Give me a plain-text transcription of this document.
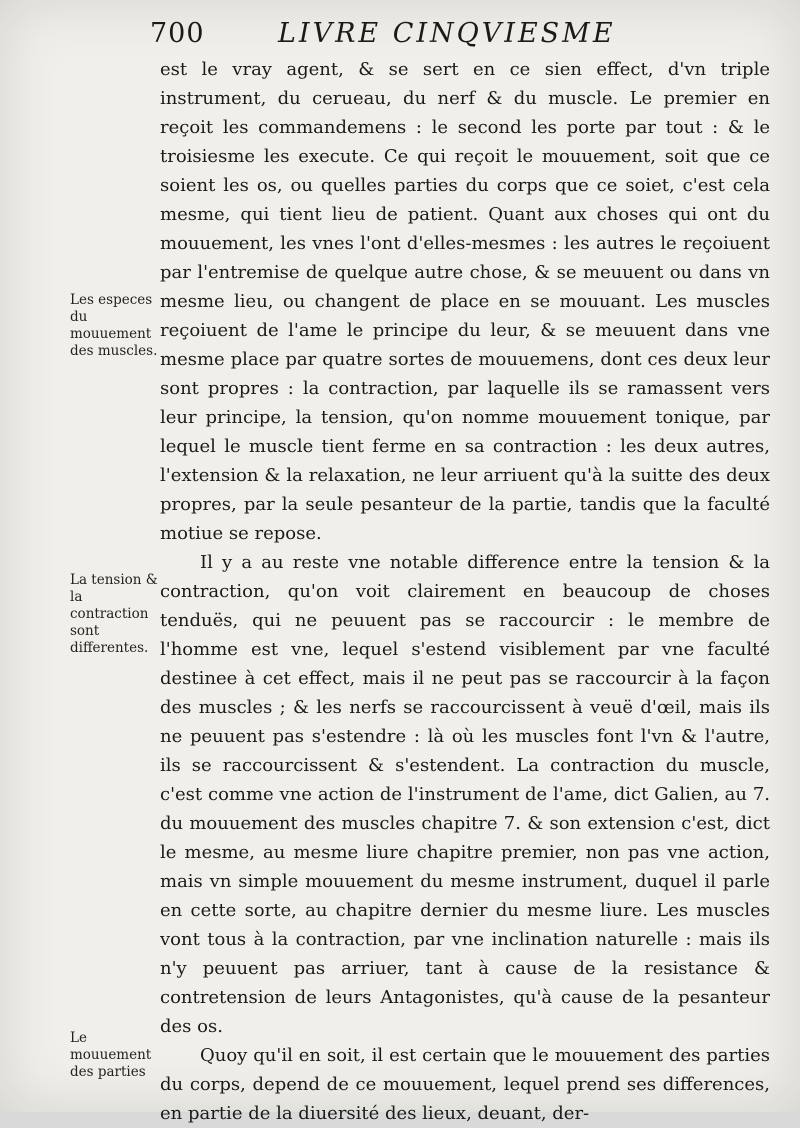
700	LIVRE CINQVIESME
Les especes du mouuement des muscles.
La tension & la contraction sont differentes.
Le mouuement des parties

est le vray agent, & se sert en ce sien effect, d'vn triple instrument, du cerueau, du nerf & du muscle. Le premier en reçoit les commandemens : le second les porte par tout : & le troisiesme les execute. Ce qui reçoit le mouuement, soit que ce soient les os, ou quelles parties du corps que ce soiet, c'est cela mesme, qui tient lieu de patient. Quant aux choses qui ont du mouuement, les vnes l'ont d'elles-mesmes : les autres le reçoiuent par l'entremise de quelque autre chose, & se meuuent ou dans vn mesme lieu, ou changent de place en se mouuant. Les muscles reçoiuent de l'ame le principe du leur, & se meuuent dans vne mesme place par quatre sortes de mouuemens, dont ces deux leur sont propres : la contraction, par laquelle ils se ramassent vers leur principe, la tension, qu'on nomme mouuement tonique, par lequel le muscle tient ferme en sa contraction : les deux autres, l'extension & la relaxation, ne leur arriuent qu'à la suitte des deux propres, par la seule pesanteur de la partie, tandis que la faculté motiue se repose.

Il y a au reste vne notable difference entre la tension & la contraction, qu'on voit clairement en beaucoup de choses tenduës, qui ne peuuent pas se raccourcir : le membre de l'homme est vne, lequel s'estend visiblement par vne faculté destinee à cet effect, mais il ne peut pas se raccourcir à la façon des muscles ; & les nerfs se raccourcissent à veuë d'œil, mais ils ne peuuent pas s'estendre : là où les muscles font l'vn & l'autre, ils se raccourcissent & s'estendent. La contraction du muscle, c'est comme vne action de l'instrument de l'ame, dict Galien, au 7. du mouuement des muscles chapitre 7. & son extension c'est, dict le mesme, au mesme liure chapitre premier, non pas vne action, mais vn simple mouuement du mesme instrument, duquel il parle en cette sorte, au chapitre dernier du mesme liure. Les muscles vont tous à la contraction, par vne inclination naturelle : mais ils n'y peuuent pas arriuer, tant à cause de la resistance & contretension de leurs Antagonistes, qu'à cause de la pesanteur des os.

Quoy qu'il en soit, il est certain que le mouuement des parties du corps, depend de ce mouuement, lequel prend ses differences, en partie de la diuersité des lieux, deuant, der-
